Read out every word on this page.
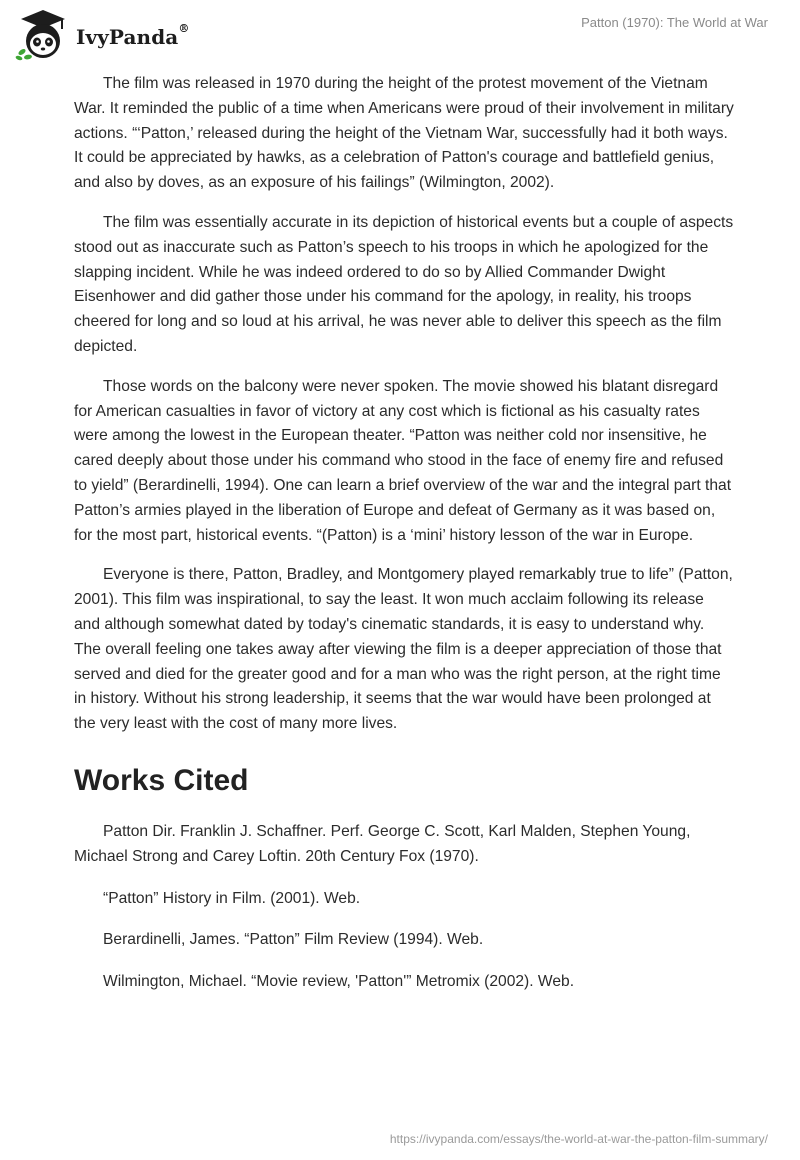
IvyPanda®	Patton (1970): The World at War

The film was released in 1970 during the height of the protest movement of the Vietnam War. It reminded the public of a time when Americans were proud of their involvement in military actions. “‘Patton,’ released during the height of the Vietnam War, successfully had it both ways. It could be appreciated by hawks, as a celebration of Patton's courage and battlefield genius, and also by doves, as an exposure of his failings” (Wilmington, 2002).

The film was essentially accurate in its depiction of historical events but a couple of aspects stood out as inaccurate such as Patton’s speech to his troops in which he apologized for the slapping incident. While he was indeed ordered to do so by Allied Commander Dwight Eisenhower and did gather those under his command for the apology, in reality, his troops cheered for long and so loud at his arrival, he was never able to deliver this speech as the film depicted.

Those words on the balcony were never spoken. The movie showed his blatant disregard for American casualties in favor of victory at any cost which is fictional as his casualty rates were among the lowest in the European theater. “Patton was neither cold nor insensitive, he cared deeply about those under his command who stood in the face of enemy fire and refused to yield” (Berardinelli, 1994). One can learn a brief overview of the war and the integral part that Patton’s armies played in the liberation of Europe and defeat of Germany as it was based on, for the most part, historical events. “(Patton) is a ‘mini’ history lesson of the war in Europe.

Everyone is there, Patton, Bradley, and Montgomery played remarkably true to life” (Patton, 2001). This film was inspirational, to say the least. It won much acclaim following its release and although somewhat dated by today's cinematic standards, it is easy to understand why. The overall feeling one takes away after viewing the film is a deeper appreciation of those that served and died for the greater good and for a man who was the right person, at the right time in history. Without his strong leadership, it seems that the war would have been prolonged at the very least with the cost of many more lives.

Works Cited

Patton Dir. Franklin J. Schaffner. Perf. George C. Scott, Karl Malden, Stephen Young, Michael Strong and Carey Loftin. 20th Century Fox (1970).

“Patton” History in Film. (2001). Web.

Berardinelli, James. “Patton” Film Review (1994). Web.

Wilmington, Michael. “Movie review, 'Patton'” Metromix (2002). Web.

https://ivypanda.com/essays/the-world-at-war-the-patton-film-summary/
